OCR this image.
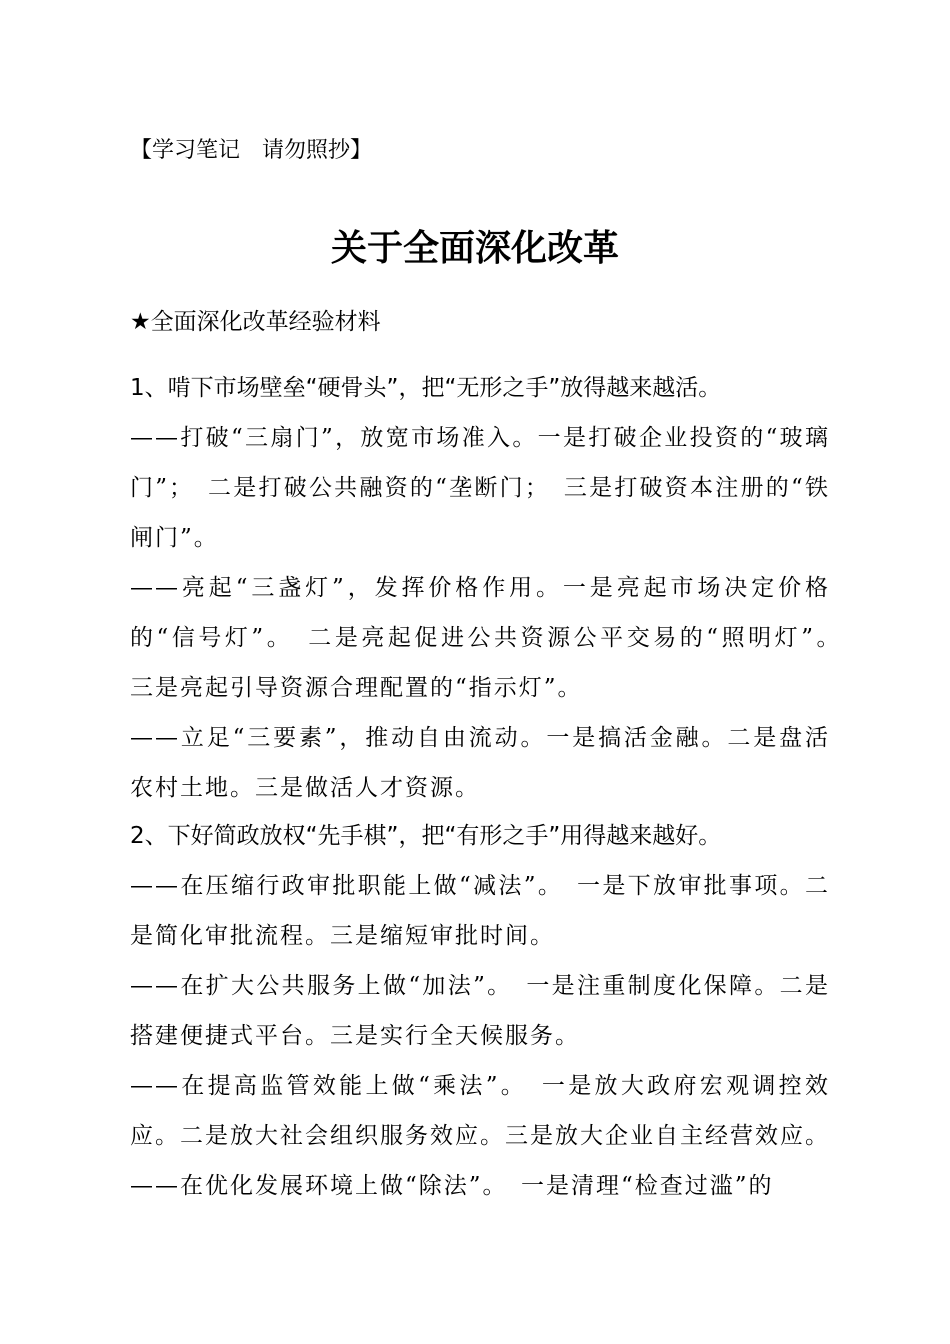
【学习笔记　请勿照抄】
关于全面深化改革
★全面深化改革经验材料
1、啃下市场壁垒“硬骨头”，把“无形之手”放得越来越活。
——打破“三扇门”，放宽市场准入。一是打破企业投资的“玻璃门”；　二是打破公共融资的“垄断门；　三是打破资本注册的“铁闸门”。
——亮起“三盏灯”，发挥价格作用。一是亮起市场决定价格的“信号灯”。　二是亮起促进公共资源公平交易的“照明灯”。　三是亮起引导资源合理配置的“指示灯”。
——立足“三要素”，推动自由流动。一是搞活金融。二是盘活农村土地。三是做活人才资源。
2、下好简政放权“先手棋”，把“有形之手”用得越来越好。
——在压缩行政审批职能上做“减法”。　一是下放审批事项。二是简化审批流程。三是缩短审批时间。
——在扩大公共服务上做“加法”。　一是注重制度化保障。二是搭建便捷式平台。三是实行全天候服务。
——在提高监管效能上做“乘法”。　一是放大政府宏观调控效应。二是放大社会组织服务效应。三是放大企业自主经营效应。
——在优化发展环境上做“除法”。　一是清理“检查过滥”的
